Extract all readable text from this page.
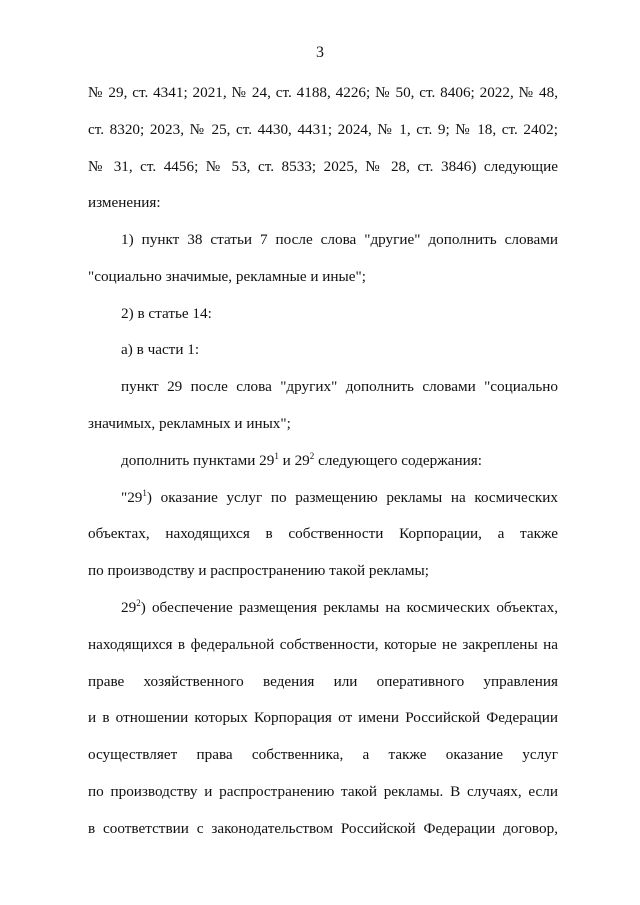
3
№ 29, ст. 4341; 2021, № 24, ст. 4188, 4226; № 50, ст. 8406; 2022, № 48,
ст. 8320; 2023, № 25, ст. 4430, 4431; 2024, № 1, ст. 9; № 18, ст. 2402;
№ 31, ст. 4456; № 53, ст. 8533; 2025, № 28, ст. 3846) следующие
изменения:
1) пункт 38 статьи 7 после слова "другие" дополнить словами
"социально значимые, рекламные и иные";
2) в статье 14:
а) в части 1:
пункт 29 после слова "других" дополнить словами "социально
значимых, рекламных и иных";
дополнить пунктами $29^1$ и $29^2$ следующего содержания:
"$29^1$) оказание услуг по размещению рекламы на космических
объектах, находящихся в собственности Корпорации, а также
по производству и распространению такой рекламы;
$29^2$) обеспечение размещения рекламы на космических объектах,
находящихся в федеральной собственности, которые не закреплены на
праве хозяйственного ведения или оперативного управления
и в отношении которых Корпорация от имени Российской Федерации
осуществляет права собственника, а также оказание услуг
по производству и распространению такой рекламы. В случаях, если
в соответствии с законодательством Российской Федерации договор,
